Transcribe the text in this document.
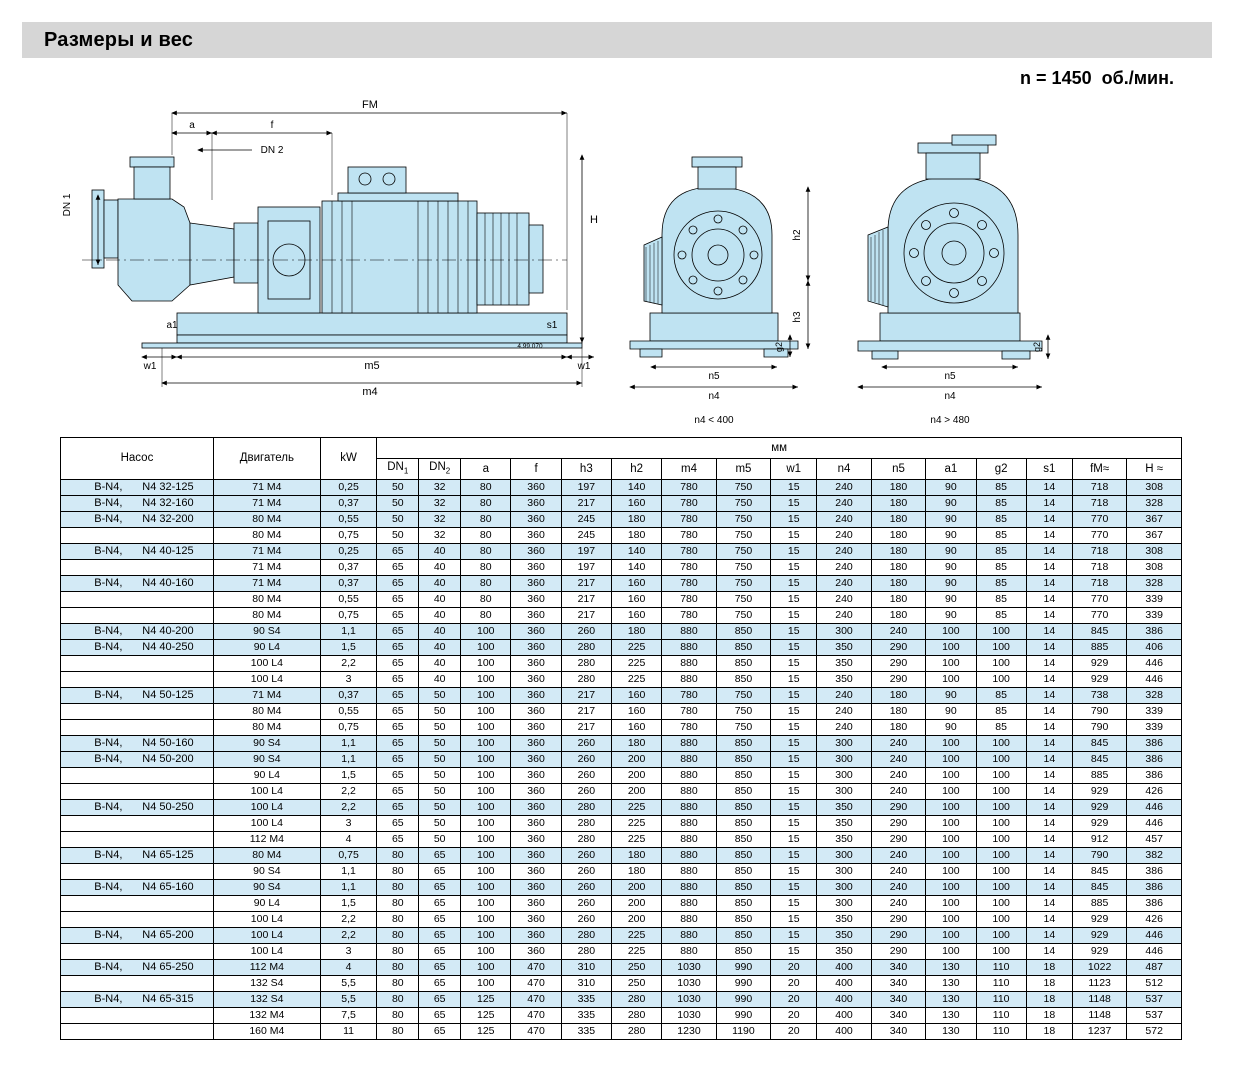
Размеры и вес
n = 1450 об./мин.
FM
a	f
DN 2
DN 1
H
a1	s1
4.99.070
w1	m5	w1
m4
h2
h3
g2
n5
n4
n4 < 400
g2
n5
n4
n4 > 480
Насос	Двигатель	kW	мм															
			$DN_1$	$DN_2$	a	f	h3	h2	m4	m5	w1	n4	n5	a1	g2	s1	fM≈	H ≈
B-N4, N4 32-125	71 M4	0,25	50	32	80	360	197	140	780	750	15	240	180	90	85	14	718	308
B-N4, N4 32-160	71 M4	0,37	50	32	80	360	217	160	780	750	15	240	180	90	85	14	718	328
B-N4, N4 32-200	80 M4	0,55	50	32	80	360	245	180	780	750	15	240	180	90	85	14	770	367
	80 M4	0,75	50	32	80	360	245	180	780	750	15	240	180	90	85	14	770	367
B-N4, N4 40-125	71 M4	0,25	65	40	80	360	197	140	780	750	15	240	180	90	85	14	718	308
	71 M4	0,37	65	40	80	360	197	140	780	750	15	240	180	90	85	14	718	308
B-N4, N4 40-160	71 M4	0,37	65	40	80	360	217	160	780	750	15	240	180	90	85	14	718	328
	80 M4	0,55	65	40	80	360	217	160	780	750	15	240	180	90	85	14	770	339
	80 M4	0,75	65	40	80	360	217	160	780	750	15	240	180	90	85	14	770	339
B-N4, N4 40-200	90 S4	1,1	65	40	100	360	260	180	880	850	15	300	240	100	100	14	845	386
B-N4, N4 40-250	90 L4	1,5	65	40	100	360	280	225	880	850	15	350	290	100	100	14	885	406
	100 L4	2,2	65	40	100	360	280	225	880	850	15	350	290	100	100	14	929	446
	100 L4	3	65	40	100	360	280	225	880	850	15	350	290	100	100	14	929	446
B-N4, N4 50-125	71 M4	0,37	65	50	100	360	217	160	780	750	15	240	180	90	85	14	738	328
	80 M4	0,55	65	50	100	360	217	160	780	750	15	240	180	90	85	14	790	339
	80 M4	0,75	65	50	100	360	217	160	780	750	15	240	180	90	85	14	790	339
B-N4, N4 50-160	90 S4	1,1	65	50	100	360	260	180	880	850	15	300	240	100	100	14	845	386
B-N4, N4 50-200	90 S4	1,1	65	50	100	360	260	200	880	850	15	300	240	100	100	14	845	386
	90 L4	1,5	65	50	100	360	260	200	880	850	15	300	240	100	100	14	885	386
	100 L4	2,2	65	50	100	360	260	200	880	850	15	300	240	100	100	14	929	426
B-N4, N4 50-250	100 L4	2,2	65	50	100	360	280	225	880	850	15	350	290	100	100	14	929	446
	100 L4	3	65	50	100	360	280	225	880	850	15	350	290	100	100	14	929	446
	112 M4	4	65	50	100	360	280	225	880	850	15	350	290	100	100	14	912	457
B-N4, N4 65-125	80 M4	0,75	80	65	100	360	260	180	880	850	15	300	240	100	100	14	790	382
	90 S4	1,1	80	65	100	360	260	180	880	850	15	300	240	100	100	14	845	386
B-N4, N4 65-160	90 S4	1,1	80	65	100	360	260	200	880	850	15	300	240	100	100	14	845	386
	90 L4	1,5	80	65	100	360	260	200	880	850	15	300	240	100	100	14	885	386
	100 L4	2,2	80	65	100	360	260	200	880	850	15	350	290	100	100	14	929	426
B-N4, N4 65-200	100 L4	2,2	80	65	100	360	280	225	880	850	15	350	290	100	100	14	929	446
	100 L4	3	80	65	100	360	280	225	880	850	15	350	290	100	100	14	929	446
B-N4, N4 65-250	112 M4	4	80	65	100	470	310	250	1030	990	20	400	340	130	110	18	1022	487
	132 S4	5,5	80	65	100	470	310	250	1030	990	20	400	340	130	110	18	1123	512
B-N4, N4 65-315	132 S4	5,5	80	65	125	470	335	280	1030	990	20	400	340	130	110	18	1148	537
	132 M4	7,5	80	65	125	470	335	280	1030	990	20	400	340	130	110	18	1148	537
	160 M4	11	80	65	125	470	335	280	1230	1190	20	400	340	130	110	18	1237	572
